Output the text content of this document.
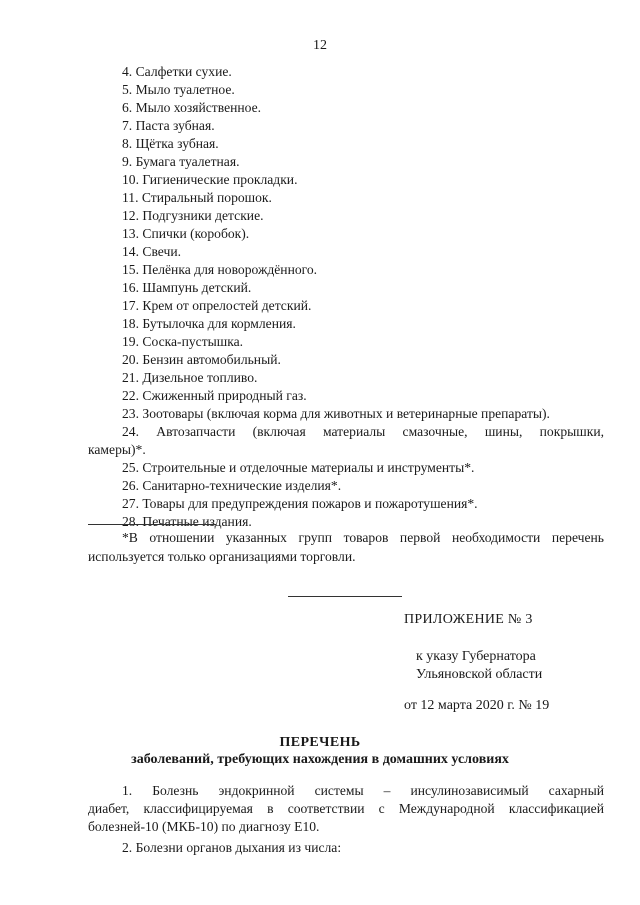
12
4. Салфетки сухие.
5. Мыло туалетное.
6. Мыло хозяйственное.
7. Паста зубная.
8. Щётка зубная.
9. Бумага туалетная.
10. Гигиенические прокладки.
11. Стиральный порошок.
12. Подгузники детские.
13. Спички (коробок).
14. Свечи.
15. Пелёнка для новорождённого.
16. Шампунь детский.
17. Крем от опрелостей детский.
18. Бутылочка для кормления.
19. Соска-пустышка.
20. Бензин автомобильный.
21. Дизельное топливо.
22. Сжиженный природный газ.
23. Зоотовары (включая корма для животных и ветеринарные препараты).
24. Автозапчасти (включая материалы смазочные, шины, покрышки,
камеры)*.
25. Строительные и отделочные материалы и инструменты*.
26. Санитарно-технические изделия*.
27. Товары для предупреждения пожаров и пожаротушения*.
28. Печатные издания.
*В отношении указанных групп товаров первой необходимости перечень
используется только организациями торговли.
ПРИЛОЖЕНИЕ № 3
к указу Губернатора
Ульяновской области
от 12 марта 2020 г. № 19
ПЕРЕЧЕНЬ
заболеваний, требующих нахождения в домашних условиях
1. Болезнь эндокринной системы – инсулинозависимый сахарный
диабет, классифицируемая в соответствии с Международной классификацией
болезней-10 (МКБ-10) по диагнозу Е10.
2. Болезни органов дыхания из числа:
